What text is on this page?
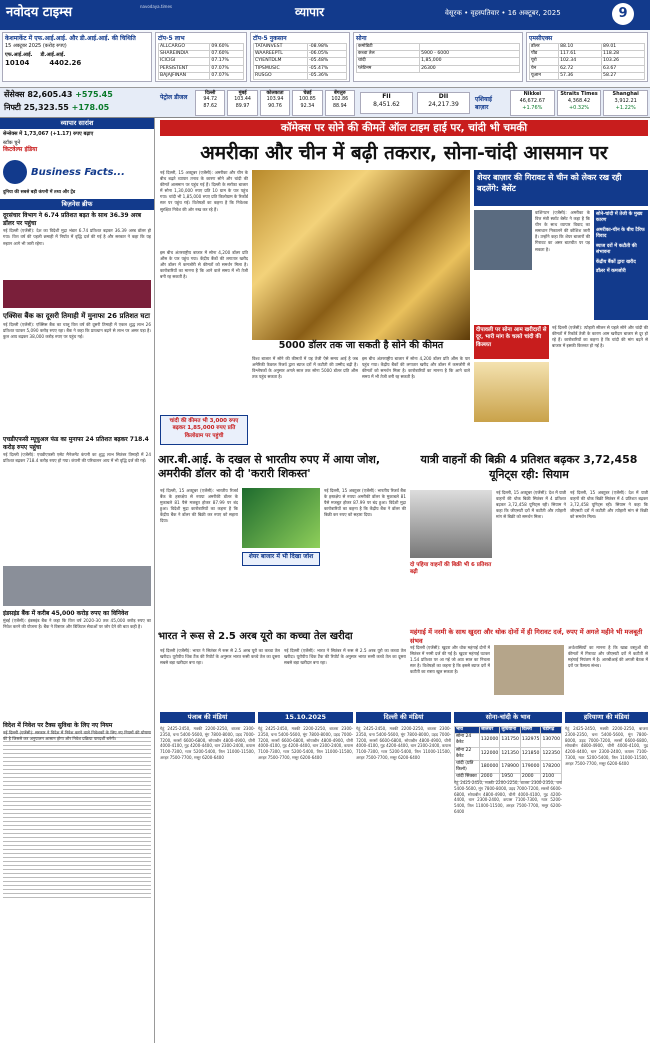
नवोदय टाइम्स	navodaya.times	व्यापार	वेसूरक • वृहस्पतिवार • 16 अक्टूबर, 2025	9
केशमार्केट में एफ.आई.आई. और डी.आई.आई. की चिथिति
15 अक्टूबर 2025 (करोड़ रुपए)
एफ.आई.आई. डी.आई.आई.
10104	4402.26
टॉप-5 लाभ
ALLCARGO	09.60%
SHAREINDIA	07.60%
ICICIGI	07.17%
PERSISTENT	07.07%
BAJAJFINAN	07.07%
टॉप-5 नुकसान
TATAINVEST	-08.98%
WAAREEPTL	-06.05%
CYIENTDLM	-05.48%
TIPSMUSIC	-05.47%
RUSGO	-05.36%
सोना
कमोडिटी	
कच्चा तेल	5900 - 6000
चांदी	1,85,000
प्लेटिनम	26300
एमसीएक्स
डॉलर	88.10	89.01
पौंड	117.61	118.28
यूरो	102.34	103.26
येन	62.72	63.67
यूआन	57.36	58.27
सेंसेक्स 82,605.43 +575.45
निफ्टी 25,323.55 +178.05
पेट्रोल डीजल
दिल्ली
94.72
87.62
मुंबई
103.44
89.97
कोलकाता
103.94
90.76
चेन्नई
100.85
92.34
बेंगलुरु
102.86
88.94
FII
8,451.62
DII
24,217.39
एशियाई बाज़ार
Nikkei
46,672.67
+1.76%
Straits Times
4,368.42
+0.32%
Shanghai
3,912.21
+1.22%
व्यापार सारांश
सेन्सेक्स में 1,73,067 (+1.17) रुपए बढ़ाए
स्टॉक चुनें
किटवेल्स इंडिया
Business Facts...
दुनिया की सबसे बड़ी कंपनी में तथ्य और ट्रेंड
बिज़नेस ब्रीफ
दूरसंचार विभाग ने 6.74 प्रतिशत बढ़त के साथ 36.39 अरब डॉलर पर पहुंचा
नई दिल्ली (एजेंसी): देश का विदेशी मुद्रा भंडार 6.74 प्रतिशत बढ़कर 36.39 अरब डॉलर हो गया। वित्त वर्ष की पहली छमाही में निर्यात में वृद्धि दर्ज की गई है और सरकार ने कहा कि यह रुझान आगे भी जारी रहेगा।
एक्सिस बैंक का दूसरी तिमाही में मुनाफा 26 प्रतिशत घटा
नई दिल्ली (एजेंसी): एक्सिस बैंक का चालू वित्त वर्ष की दूसरी तिमाही में एकल शुद्ध लाभ 26 प्रतिशत घटकर 5,090 करोड़ रुपए रहा। बैंक ने कहा कि प्रावधान बढ़ने से लाभ पर असर पड़ा है। कुल आय बढ़कर 38,000 करोड़ रुपए पर पहुंच गई।
एचडीएफसी म्यूचुअल फंड का मुनाफा 24 प्रतिशत बढ़कर 718.4 करोड़ रुपए पहुंचा
नई दिल्ली (एजेंसी): एचडीएफसी एसेट मैनेजमेंट कंपनी का शुद्ध लाभ सितंबर तिमाही में 24 प्रतिशत बढ़कर 718.4 करोड़ रुपए हो गया। कंपनी की परिचालन आय में भी वृद्धि दर्ज की गई।
इंडसइंड बैंक में करीब 45,000 करोड़ रुपए का विनिवेश
मुंबई (एजेंसी): इंडसइंड बैंक ने कहा कि वित्त वर्ष 2020-30 तक 45,000 करोड़ रुपए का निवेश करने की योजना है। बैंक ने विस्तार और डिजिटल सेवाओं पर जोर देने की बात कही है।
विदेश में निवेश पर टैक्स सुविधा के लिए नए नियम
नई दिल्ली (एजेंसी): सरकार ने विदेश में निवेश करने वाले निवेशकों के लिए नए नियमों की घोषणा की है जिससे कर अनुपालन आसान होगा और निवेश प्रक्रिया पारदर्शी बनेगी।
कॉमेक्स पर सोने की कीमतें ऑल टाइम हाई पर, चांदी भी चमकी
अमरीका और चीन में बढ़ी तकरार, सोना-चांदी आसमान पर
नई दिल्ली, 15 अक्टूबर (एजेंसी): अमरीका और चीन के बीच बढ़ते व्यापार तनाव के कारण सोने और चांदी की कीमतें आसमान पर पहुंच गई हैं। दिल्ली के सर्राफा बाजार में सोना 1,30,000 रुपए प्रति 10 ग्राम के पार पहुंच गया। चांदी भी 1,85,000 रुपए प्रति किलोग्राम के रिकॉर्ड स्तर पर पहुंच गई। विशेषज्ञों का कहना है कि निवेशक सुरक्षित निवेश की ओर रुख कर रहे हैं।
इस बीच अंतरराष्ट्रीय बाजार में सोना 4,200 डॉलर प्रति औंस के पार पहुंच गया। केंद्रीय बैंकों की लगातार खरीद और डॉलर में कमजोरी से कीमतों को समर्थन मिला है। कारोबारियों का मानना है कि आने वाले समय में भी तेजी बनी रह सकती है।
चांदी की कीमत भी 3,000 रुपए बढ़कर 1,85,000 रुपए प्रति किलोग्राम पर पहुंची
5000 डॉलर तक जा सकती है सोने की कीमत
विश्व बाजार में सोने की कीमतों में यह तेजी ऐसे समय आई है जब अमेरिकी फेडरल रिजर्व द्वारा ब्याज दरों में कटौती की उम्मीद बढ़ी है। विश्लेषकों के अनुसार अगले साल तक सोना 5000 डॉलर प्रति औंस तक पहुंच सकता है।
इस बीच अंतरराष्ट्रीय बाजार में सोना 4,200 डॉलर प्रति औंस के पार पहुंच गया। केंद्रीय बैंकों की लगातार खरीद और डॉलर में कमजोरी से कीमतों को समर्थन मिला है। कारोबारियों का मानना है कि आने वाले समय में भी तेजी बनी रह सकती है।
शेयर बाज़ार की गिरावट से चीन को लेकर रख रही बदलेंगे: बेसेंट
वाशिंगटन (एजेंसी): अमरीका के वित्त मंत्री स्कॉट बेसेंट ने कहा है कि चीन के साथ व्यापार विवाद का समाधान निकालने की कोशिश जारी है। उन्होंने कहा कि शेयर बाजारों की गिरावट का असर बातचीत पर पड़ सकता है।
सोने-चांदी में तेजी के मुख्य कारण
अमरीका-चीन के बीच टैरिफ विवाद
ब्याज दरों में कटौती की संभावना
केंद्रीय बैंकों द्वारा खरीद
डॉलर में कमजोरी
दीपावली पर सोना आम खरीदारों से दूर, भारी मांग के चलते चांदी की किल्लत
नई दिल्ली (एजेंसी): त्योहारी सीजन से पहले सोने और चांदी की कीमतों में रिकॉर्ड तेजी के कारण आम खरीदार बाजार से दूर हो रहे हैं। कारोबारियों का कहना है कि चांदी की मांग बढ़ने से बाजार में इसकी किल्लत हो गई है।
आर.बी.आई. के दखल से भारतीय रुपए में आया जोश, अमरीकी डॉलर को दी 'करारी शिकस्त'
नई दिल्ली, 15 अक्टूबर (एजेंसी): भारतीय रिजर्व बैंक के हस्तक्षेप से रुपया अमरीकी डॉलर के मुकाबले 81 पैसे मजबूत होकर 87.99 पर बंद हुआ। विदेशी मुद्रा कारोबारियों का कहना है कि केंद्रीय बैंक ने डॉलर की बिक्री कर रुपए को सहारा दिया।
शेयर बाजार में भी दिखा जोश
नई दिल्ली, 15 अक्टूबर (एजेंसी): भारतीय रिजर्व बैंक के हस्तक्षेप से रुपया अमरीकी डॉलर के मुकाबले 81 पैसे मजबूत होकर 87.99 पर बंद हुआ। विदेशी मुद्रा कारोबारियों का कहना है कि केंद्रीय बैंक ने डॉलर की बिक्री कर रुपए को सहारा दिया।
यात्री वाहनों की बिक्री 4 प्रतिशत बढ़कर 3,72,458 यूनिट्स रही: सियाम
नई दिल्ली, 15 अक्टूबर (एजेंसी): देश में यात्री वाहनों की थोक बिक्री सितंबर में 4 प्रतिशत बढ़कर 3,72,458 यूनिट्स रही। सियाम ने कहा कि जीएसटी दरों में कटौती और त्योहारी मांग से बिक्री को समर्थन मिला।
नई दिल्ली, 15 अक्टूबर (एजेंसी): देश में यात्री वाहनों की थोक बिक्री सितंबर में 4 प्रतिशत बढ़कर 3,72,458 यूनिट्स रही। सियाम ने कहा कि जीएसटी दरों में कटौती और त्योहारी मांग से बिक्री को समर्थन मिला।
दो पहिया वाहनों की बिक्री भी 6 प्रतिशत बढ़ी
भारत ने रूस से 2.5 अरब यूरो का कच्चा तेल खरीदा
नई दिल्ली (एजेंसी): भारत ने सितंबर में रूस से 2.5 अरब यूरो का कच्चा तेल खरीदा। यूरोपीय थिंक टैंक की रिपोर्ट के अनुसार भारत रूसी कच्चे तेल का दूसरा सबसे बड़ा खरीदार बना रहा।
नई दिल्ली (एजेंसी): भारत ने सितंबर में रूस से 2.5 अरब यूरो का कच्चा तेल खरीदा। यूरोपीय थिंक टैंक की रिपोर्ट के अनुसार भारत रूसी कच्चे तेल का दूसरा सबसे बड़ा खरीदार बना रहा।
महंगाई में नरमी के साथ खुदरा और थोक दोनों में ही गिरावट दर्ज, रुपए में अगले महीने भी मजबूती संभव
नई दिल्ली (एजेंसी): खुदरा और थोक महंगाई दोनों में सितंबर में नरमी दर्ज की गई है। खुदरा महंगाई घटकर 1.54 प्रतिशत पर आ गई जो आठ साल का निचला स्तर है। विशेषज्ञों का कहना है कि इससे ब्याज दरों में कटौती का रास्ता खुल सकता है।
अर्थशास्त्रियों का मानना है कि खाद्य वस्तुओं की कीमतों में गिरावट और जीएसटी दरों में कटौती से महंगाई नियंत्रण में है। आरबीआई की अगली बैठक में दरों पर फैसला संभव।
पंजाब की मंडियां	15.10.2025	दिल्ली की मंडियां	सोना-चांदी के भाव	हरियाणा की मंडियां
गेहूं 2425-2450, मक्की 2200-2250, बाजरा 2300-2350, चना 5400-5600, मूंग 7800-8000, उड़द 7000-7200, सरसों 6600-6800, सोयाबीन 4800-4900, चीनी 4000-4100, गुड़ 4200-4400, धान 2300-2400, कपास 7100-7300, ग्वार 5200-5400, तिल 11000-11500, अरहर 7500-7700, मसूर 6200-6400
गेहूं 2425-2450, मक्की 2200-2250, बाजरा 2300-2350, चना 5400-5600, मूंग 7800-8000, उड़द 7000-7200, सरसों 6600-6800, सोयाबीन 4800-4900, चीनी 4000-4100, गुड़ 4200-4400, धान 2300-2400, कपास 7100-7300, ग्वार 5200-5400, तिल 11000-11500, अरहर 7500-7700, मसूर 6200-6400
गेहूं 2425-2450, मक्की 2200-2250, बाजरा 2300-2350, चना 5400-5600, मूंग 7800-8000, उड़द 7000-7200, सरसों 6600-6800, सोयाबीन 4800-4900, चीनी 4000-4100, गुड़ 4200-4400, धान 2300-2400, कपास 7100-7300, ग्वार 5200-5400, तिल 11000-11500, अरहर 7500-7700, मसूर 6200-6400
भाव	जालंधर	लुधियाना	दिल्ली	चंडीगढ़
सोना 24 कैरेट	132000	131750	132975	130700
सोना 22 कैरेट	122000	121350	121850	122350
चांदी (प्रति किलो)	180000	178900	179000	178200
चांदी सिक्का	2000	1950	2000	2100
गेहूं 2425-2450, मक्की 2200-2250, बाजरा 2300-2350, चना 5400-5600, मूंग 7800-8000, उड़द 7000-7200, सरसों 6600-6800, सोयाबीन 4800-4900, चीनी 4000-4100, गुड़ 4200-4400, धान 2300-2400, कपास 7100-7300, ग्वार 5200-5400, तिल 11000-11500, अरहर 7500-7700, मसूर 6200-6400
गेहूं 2425-2450, मक्की 2200-2250, बाजरा 2300-2350, चना 5400-5600, मूंग 7800-8000, उड़द 7000-7200, सरसों 6600-6800, सोयाबीन 4800-4900, चीनी 4000-4100, गुड़ 4200-4400, धान 2300-2400, कपास 7100-7300, ग्वार 5200-5400, तिल 11000-11500, अरहर 7500-7700, मसूर 6200-6400
